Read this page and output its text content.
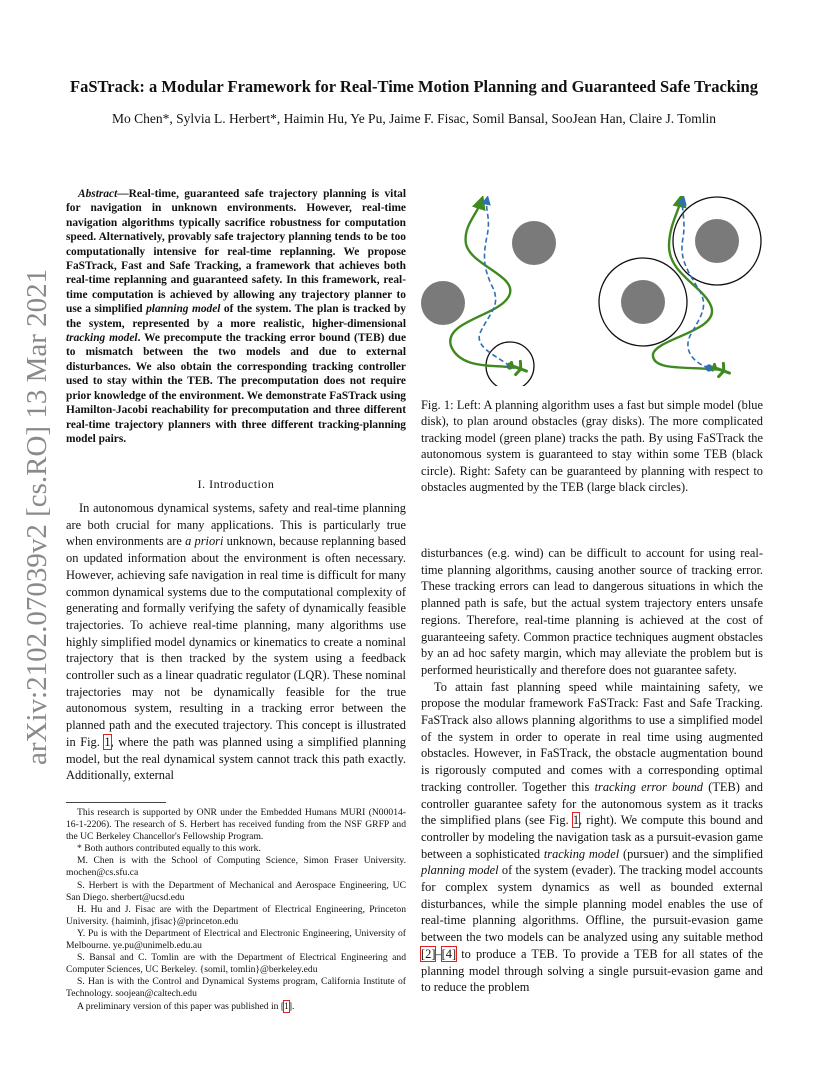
FaSTrack: a Modular Framework for Real-Time Motion Planning and Guaranteed Safe Tracking

Mo Chen*, Sylvia L. Herbert*, Haimin Hu, Ye Pu, Jaime F. Fisac, Somil Bansal, SooJean Han, Claire J. Tomlin

arXiv:2102.07039v2 [cs.RO] 13 Mar 2021

Abstract—Real-time, guaranteed safe trajectory planning is vital for navigation in unknown environments. However, real-time navigation algorithms typically sacrifice robustness for computation speed. Alternatively, provably safe trajectory planning tends to be too computationally intensive for real-time replanning. We propose FaSTrack, Fast and Safe Tracking, a framework that achieves both real-time replanning and guaranteed safety. In this framework, real-time computation is achieved by allowing any trajectory planner to use a simplified planning model of the system. The plan is tracked by the system, represented by a more realistic, higher-dimensional tracking model. We precompute the tracking error bound (TEB) due to mismatch between the two models and due to external disturbances. We also obtain the corresponding tracking controller used to stay within the TEB. The precomputation does not require prior knowledge of the environment. We demonstrate FaSTrack using Hamilton-Jacobi reachability for precomputation and three different real-time trajectory planners with three different tracking-planning model pairs.

I. Introduction

In autonomous dynamical systems, safety and real-time planning are both crucial for many applications. This is particularly true when environments are a priori unknown, because replanning based on updated information about the environment is often necessary. However, achieving safe navigation in real time is difficult for many common dynamical systems due to the computational complexity of generating and formally verifying the safety of dynamically feasible trajectories. To achieve real-time planning, many algorithms use highly simplified model dynamics or kinematics to create a nominal trajectory that is then tracked by the system using a feedback controller such as a linear quadratic regulator (LQR). These nominal trajectories may not be dynamically feasible for the true autonomous system, resulting in a tracking error between the planned path and the executed trajectory. This concept is illustrated in Fig. 1, where the path was planned using a simplified planning model, but the real dynamical system cannot track this path exactly. Additionally, external

This research is supported by ONR under the Embedded Humans MURI (N00014-16-1-2206). The research of S. Herbert has received funding from the NSF GRFP and the UC Berkeley Chancellor's Fellowship Program.

* Both authors contributed equally to this work.

M. Chen is with the School of Computing Science, Simon Fraser University. mochen@cs.sfu.ca

S. Herbert is with the Department of Mechanical and Aerospace Engineering, UC San Diego. sherbert@ucsd.edu

H. Hu and J. Fisac are with the Department of Electrical Engineering, Princeton University. {haiminh, jfisac}@princeton.edu

Y. Pu is with the Department of Electrical and Electronic Engineering, University of Melbourne. ye.pu@unimelb.edu.au

S. Bansal and C. Tomlin are with the Department of Electrical Engineering and Computer Sciences, UC Berkeley. {somil, tomlin}@berkeley.edu

S. Han is with the Control and Dynamical Systems program, California Institute of Technology. soojean@caltech.edu

A preliminary version of this paper was published in [1].

Fig. 1: Left: A planning algorithm uses a fast but simple model (blue disk), to plan around obstacles (gray disks). The more complicated tracking model (green plane) tracks the path. By using FaSTrack the autonomous system is guaranteed to stay within some TEB (black circle). Right: Safety can be guaranteed by planning with respect to obstacles augmented by the TEB (large black circles).

disturbances (e.g. wind) can be difficult to account for using real-time planning algorithms, causing another source of tracking error. These tracking errors can lead to dangerous situations in which the planned path is safe, but the actual system trajectory enters unsafe regions. Therefore, real-time planning is achieved at the cost of guaranteeing safety. Common practice techniques augment obstacles by an ad hoc safety margin, which may alleviate the problem but is performed heuristically and therefore does not guarantee safety.

To attain fast planning speed while maintaining safety, we propose the modular framework FaSTrack: Fast and Safe Tracking. FaSTrack also allows planning algorithms to use a simplified model of the system in order to operate in real time using augmented obstacles. However, in FaSTrack, the obstacle augmentation bound is rigorously computed and comes with a corresponding optimal tracking controller. Together this tracking error bound (TEB) and controller guarantee safety for the autonomous system as it tracks the simplified plans (see Fig. 1, right). We compute this bound and controller by modeling the navigation task as a pursuit-evasion game between a sophisticated tracking model (pursuer) and the simplified planning model of the system (evader). The tracking model accounts for complex system dynamics as well as bounded external disturbances, while the simple planning model enables the use of real-time planning algorithms. Offline, the pursuit-evasion game between the two models can be analyzed using any suitable method [2]–[4] to produce a TEB. To provide a TEB for all states of the planning model through solving a single pursuit-evasion game and to reduce the problem
